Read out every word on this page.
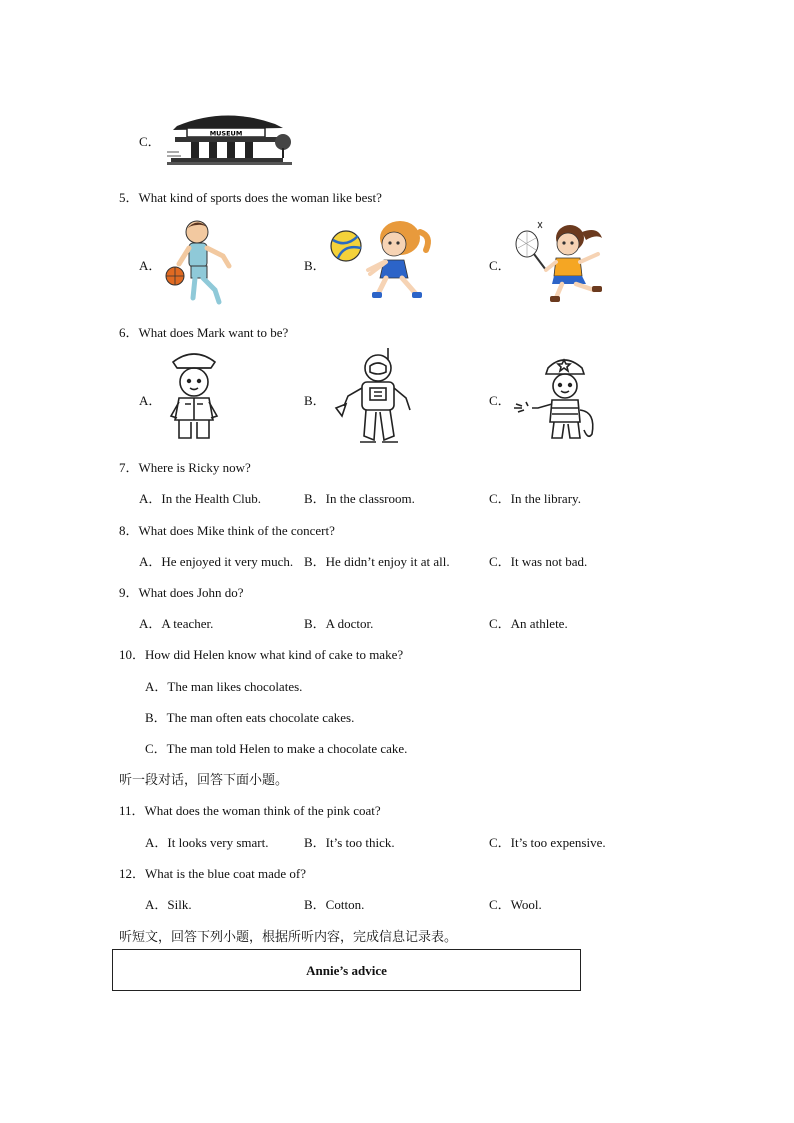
C．
MUSEUM
5．What kind of sports does the woman like best?
A．	B．	C．
6．What does Mark want to be?
A．	B．	C．
7．Where is Ricky now?
A．In the Health Club.	B．In the classroom.	C．In the library.
8．What does Mike think of the concert?
A．He enjoyed it very much. B．He didn’t enjoy it at all.	C．It was not bad.
9．What does John do?
A．A teacher.	B．A doctor.	C．An athlete.
10．How did Helen know what kind of cake to make?
A．The man likes chocolates.
B．The man often eats chocolate cakes.
C．The man told Helen to make a chocolate cake.
听一段对话，回答下面小题。
11．What does the woman think of the pink coat?
A．It looks very smart.	B．It’s too thick.	C．It’s too expensive.
12．What is the blue coat made of?
A．Silk.	B．Cotton.	C．Wool.
听短文，回答下列小题，根据所听内容，完成信息记录表。
Annie’s advice
